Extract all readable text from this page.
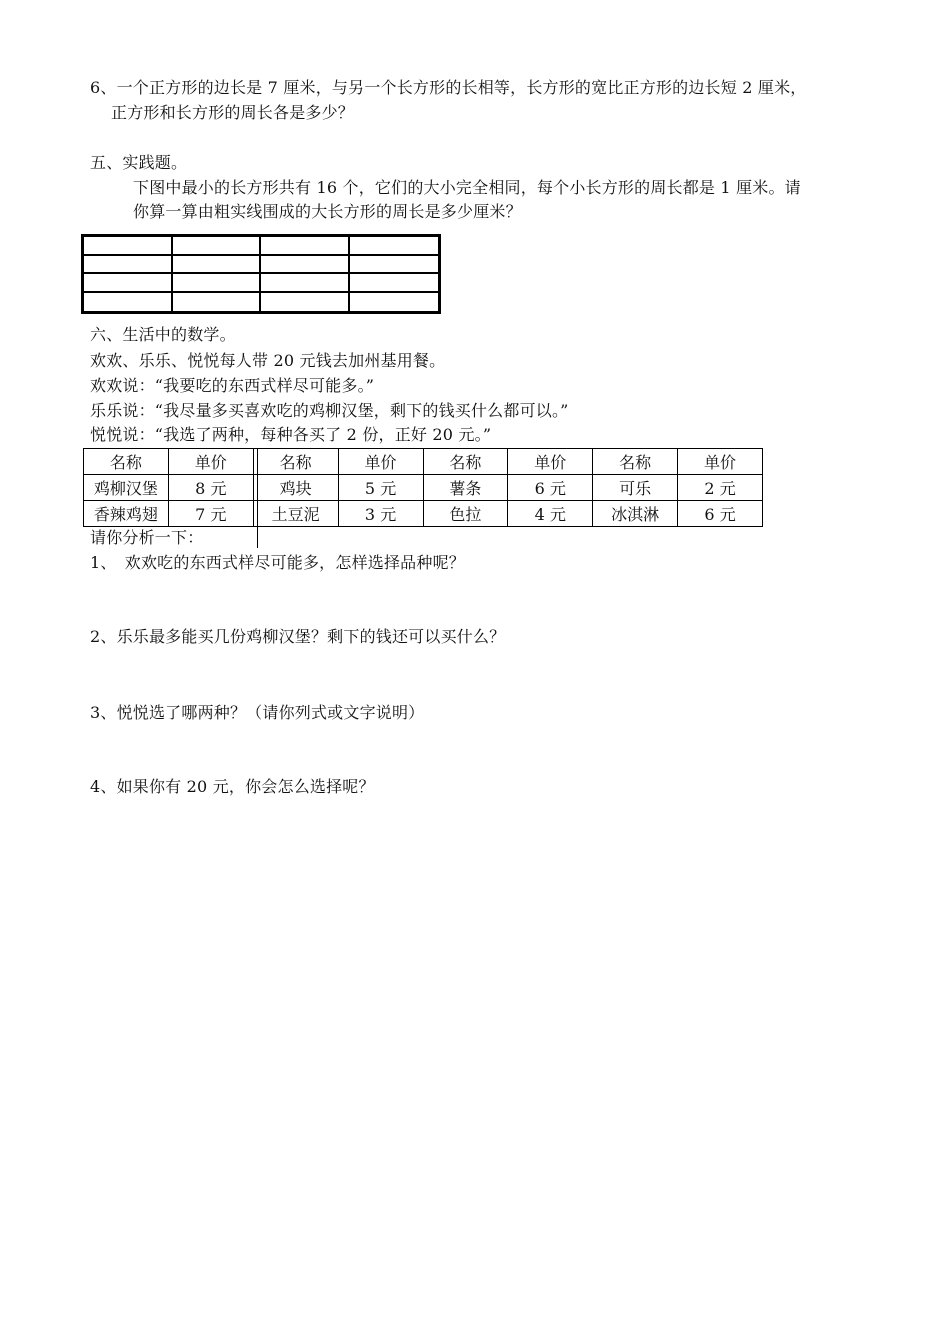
6、一个正方形的边长是 7 厘米，与另一个长方形的长相等，长方形的宽比正方形的边长短 2 厘米，
正方形和长方形的周长各是多少？
五、实践题。
下图中最小的长方形共有 16 个，它们的大小完全相同，每个小长方形的周长都是 1 厘米。请
你算一算由粗实线围成的大长方形的周长是多少厘米？
六、生活中的数学。
欢欢、乐乐、悦悦每人带 20 元钱去加州基用餐。
欢欢说：“我要吃的东西式样尽可能多。”
乐乐说：“我尽量多买喜欢吃的鸡柳汉堡，剩下的钱买什么都可以。”
悦悦说：“我选了两种，每种各买了 2 份，正好 20 元。”
名称	单价	名称	单价	名称	单价	名称	单价
鸡柳汉堡	8 元	鸡块	5 元	薯条	6 元	可乐	2 元
香辣鸡翅	7 元	土豆泥	3 元	色拉	4 元	冰淇淋	6 元
请你分析一下：
1、　欢欢吃的东西式样尽可能多，怎样选择品种呢？
2、乐乐最多能买几份鸡柳汉堡？剩下的钱还可以买什么？
3、悦悦选了哪两种？（请你列式或文字说明）
4、如果你有 20 元，你会怎么选择呢？
